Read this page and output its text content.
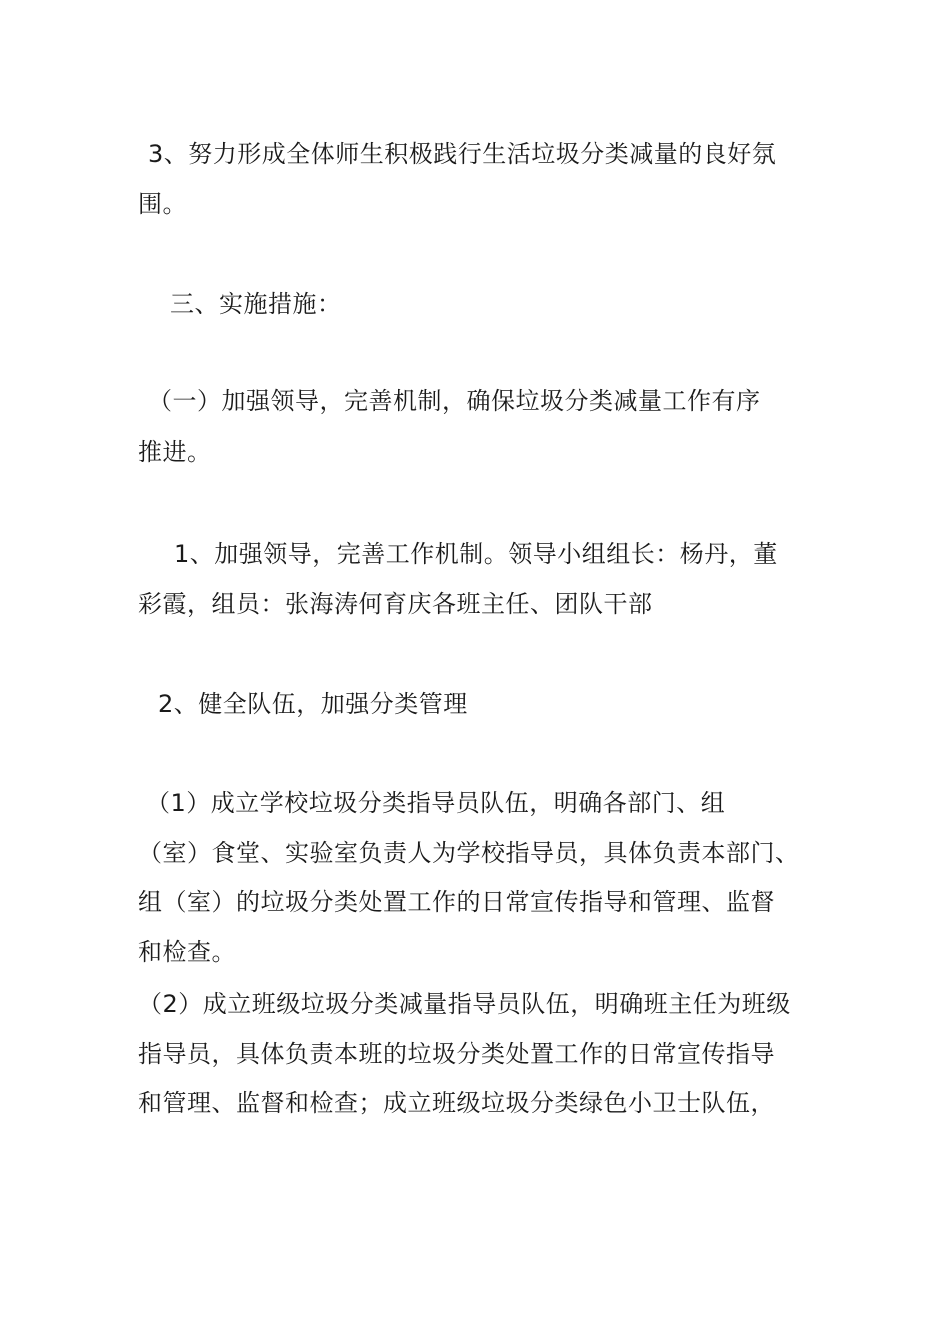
3、努力形成全体师生积极践行生活垃圾分类减量的良好氛
围。
三、实施措施：
（一）加强领导，完善机制，确保垃圾分类减量工作有序
推进。
1、加强领导，完善工作机制。领导小组组长：杨丹，董
彩霞，组员：张海涛何育庆各班主任、团队干部
2、健全队伍，加强分类管理
（1）成立学校垃圾分类指导员队伍，明确各部门、组
（室）食堂、实验室负责人为学校指导员，具体负责本部门、
组（室）的垃圾分类处置工作的日常宣传指导和管理、监督
和检查。
（2）成立班级垃圾分类减量指导员队伍，明确班主任为班级
指导员，具体负责本班的垃圾分类处置工作的日常宣传指导
和管理、监督和检查；成立班级垃圾分类绿色小卫士队伍，
